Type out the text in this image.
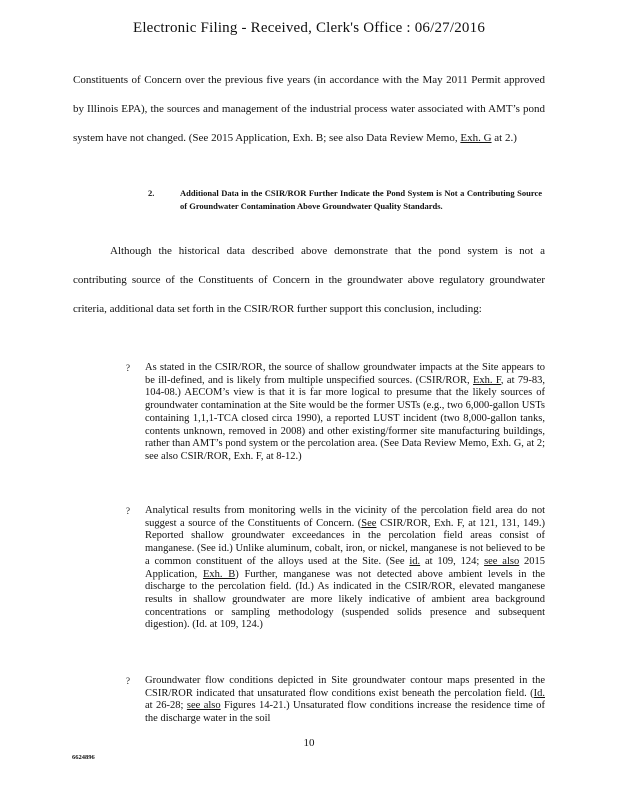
Electronic Filing - Received, Clerk's Office : 06/27/2016
Constituents of Concern over the previous five years (in accordance with the May 2011 Permit approved by Illinois EPA), the sources and management of the industrial process water associated with AMT’s pond system have not changed. (See 2015 Application, Exh. B; see also Data Review Memo, Exh. G at 2.)
2.	Additional Data in the CSIR/ROR Further Indicate the Pond System is Not a Contributing Source of Groundwater Contamination Above Groundwater Quality Standards.
Although the historical data described above demonstrate that the pond system is not a contributing source of the Constituents of Concern in the groundwater above regulatory groundwater criteria, additional data set forth in the CSIR/ROR further support this conclusion, including:
? As stated in the CSIR/ROR, the source of shallow groundwater impacts at the Site appears to be ill-defined, and is likely from multiple unspecified sources. (CSIR/ROR, Exh. F, at 79-83, 104-08.) AECOM’s view is that it is far more logical to presume that the likely sources of groundwater contamination at the Site would be the former USTs (e.g., two 6,000-gallon USTs containing 1,1,1-TCA closed circa 1990), a reported LUST incident (two 8,000-gallon tanks, contents unknown, removed in 2008) and other existing/former site manufacturing buildings, rather than AMT’s pond system or the percolation area. (See Data Review Memo, Exh. G, at 2; see also CSIR/ROR, Exh. F, at 8-12.)
? Analytical results from monitoring wells in the vicinity of the percolation field area do not suggest a source of the Constituents of Concern. (See CSIR/ROR, Exh. F, at 121, 131, 149.) Reported shallow groundwater exceedances in the percolation field areas consist of manganese. (See id.) Unlike aluminum, cobalt, iron, or nickel, manganese is not believed to be a common constituent of the alloys used at the Site. (See id. at 109, 124; see also 2015 Application, Exh. B) Further, manganese was not detected above ambient levels in the discharge to the percolation field. (Id.) As indicated in the CSIR/ROR, elevated manganese results in shallow groundwater are more likely indicative of ambient area background concentrations or sampling methodology (suspended solids presence and subsequent digestion). (Id. at 109, 124.)
? Groundwater flow conditions depicted in Site groundwater contour maps presented in the CSIR/ROR indicated that unsaturated flow conditions exist beneath the percolation field. (Id. at 26-28; see also Figures 14-21.) Unsaturated flow conditions increase the residence time of the discharge water in the soil
10
6624896
